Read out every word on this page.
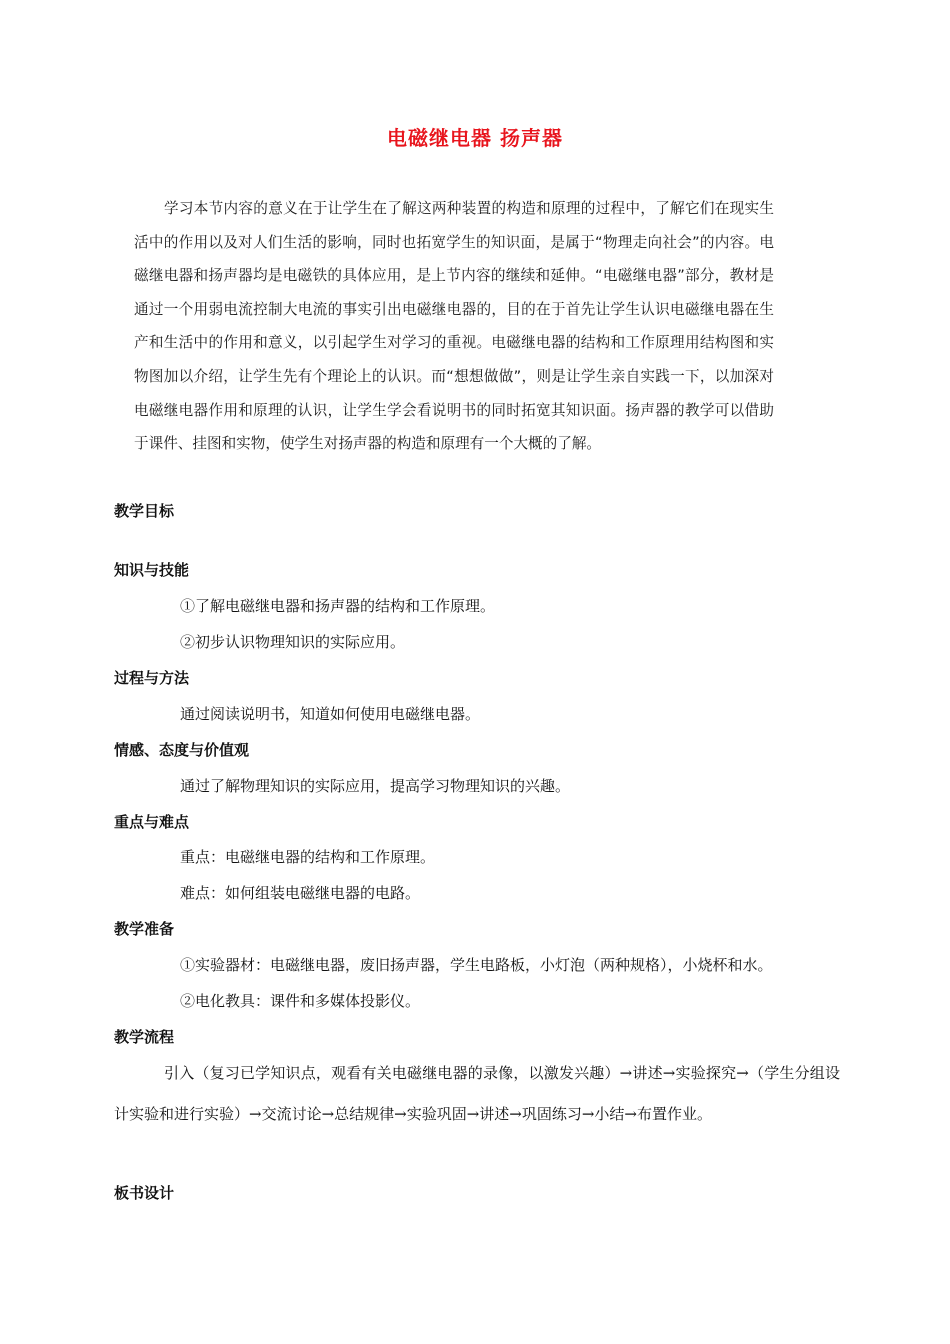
电磁继电器 扬声器

学习本节内容的意义在于让学生在了解这两种装置的构造和原理的过程中，了解它们在现实生活中的作用以及对人们生活的影响，同时也拓宽学生的知识面，是属于“物理走向社会”的内容。电磁继电器和扬声器均是电磁铁的具体应用，是上节内容的继续和延伸。“电磁继电器”部分，教材是通过一个用弱电流控制大电流的事实引出电磁继电器的，目的在于首先让学生认识电磁继电器在生产和生活中的作用和意义，以引起学生对学习的重视。电磁继电器的结构和工作原理用结构图和实物图加以介绍，让学生先有个理论上的认识。而“想想做做”，则是让学生亲自实践一下，以加深对电磁继电器作用和原理的认识，让学生学会看说明书的同时拓宽其知识面。扬声器的教学可以借助于课件、挂图和实物，使学生对扬声器的构造和原理有一个大概的了解。

教学目标

知识与技能

①了解电磁继电器和扬声器的结构和工作原理。

②初步认识物理知识的实际应用。

过程与方法

通过阅读说明书，知道如何使用电磁继电器。

情感、态度与价值观

通过了解物理知识的实际应用，提高学习物理知识的兴趣。

重点与难点

重点：电磁继电器的结构和工作原理。

难点：如何组装电磁继电器的电路。

教学准备

①实验器材：电磁继电器，废旧扬声器，学生电路板，小灯泡（两种规格），小烧杯和水。

②电化教具：课件和多媒体投影仪。

教学流程

引入（复习已学知识点，观看有关电磁继电器的录像，以激发兴趣）→讲述→实验探究→（学生分组设计实验和进行实验）→交流讨论→总结规律→实验巩固→讲述→巩固练习→小结→布置作业。

板书设计
